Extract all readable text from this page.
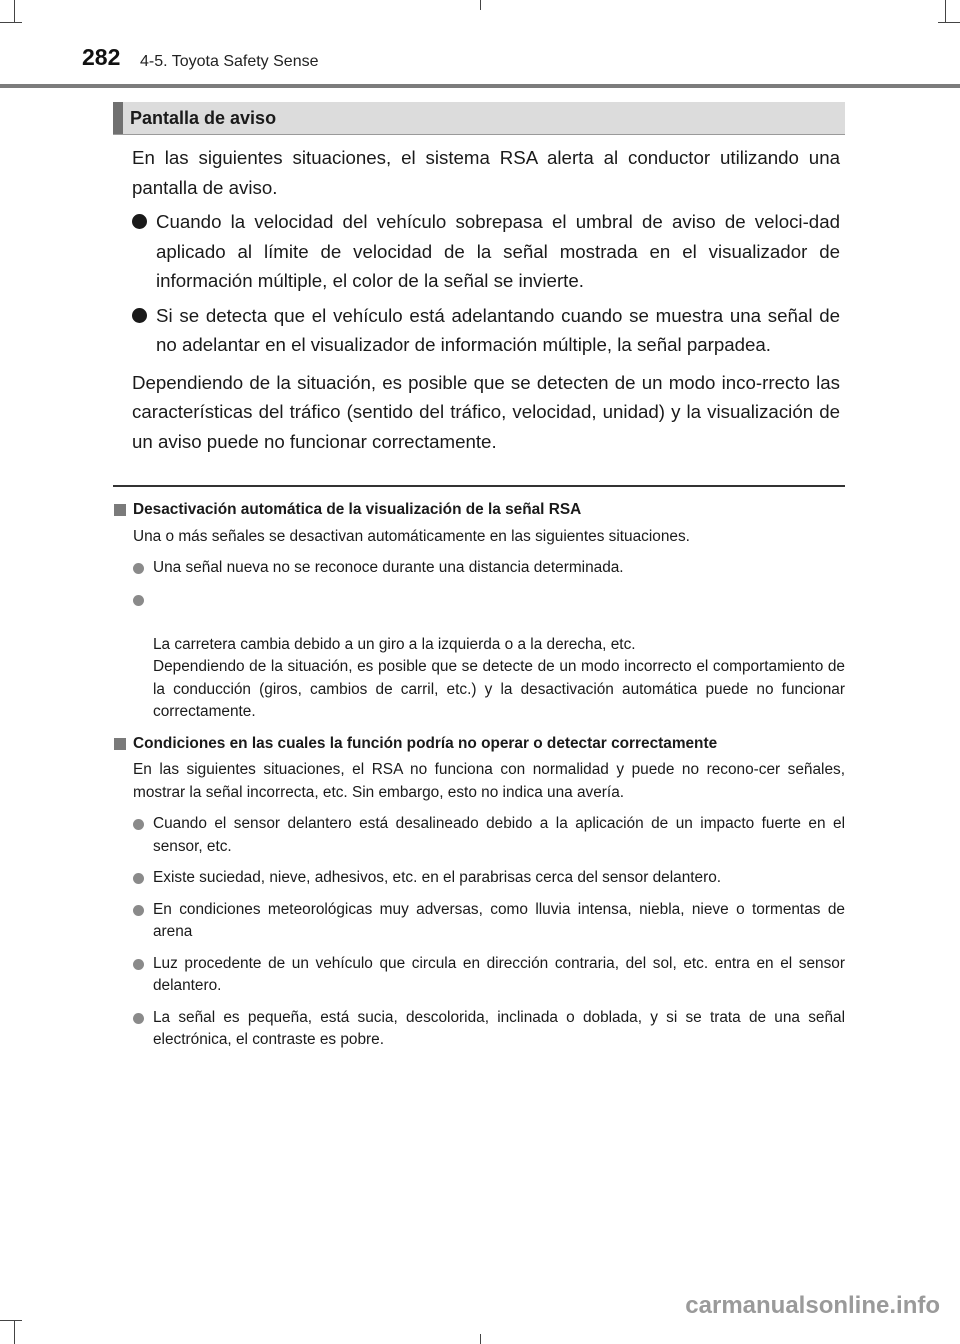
282 4-5. Toyota Safety Sense
Pantalla de aviso

En las siguientes situaciones, el sistema RSA alerta al conductor utilizando una pantalla de aviso.

Cuando la velocidad del vehículo sobrepasa el umbral de aviso de veloci-dad aplicado al límite de velocidad de la señal mostrada en el visualizador de información múltiple, el color de la señal se invierte.
Si se detecta que el vehículo está adelantando cuando se muestra una señal de no adelantar en el visualizador de información múltiple, la señal parpadea.

Dependiendo de la situación, es posible que se detecten de un modo inco-rrecto las características del tráfico (sentido del tráfico, velocidad, unidad) y la visualización de un aviso puede no funcionar correctamente.

Desactivación automática de la visualización de la señal RSA
Una o más señales se desactivan automáticamente en las siguientes situaciones.
Una señal nueva no se reconoce durante una distancia determinada.

La carretera cambia debido a un giro a la izquierda o a la derecha, etc.
Dependiendo de la situación, es posible que se detecte de un modo incorrecto el comportamiento de la conducción (giros, cambios de carril, etc.) y la desactivación automática puede no funcionar correctamente.

Condiciones en las cuales la función podría no operar o detectar correctamente
En las siguientes situaciones, el RSA no funciona con normalidad y puede no recono-cer señales, mostrar la señal incorrecta, etc. Sin embargo, esto no indica una avería.
Cuando el sensor delantero está desalineado debido a la aplicación de un impacto fuerte en el sensor, etc.
Existe suciedad, nieve, adhesivos, etc. en el parabrisas cerca del sensor delantero.
En condiciones meteorológicas muy adversas, como lluvia intensa, niebla, nieve o tormentas de arena
Luz procedente de un vehículo que circula en dirección contraria, del sol, etc. entra en el sensor delantero.
La señal es pequeña, está sucia, descolorida, inclinada o doblada, y si se trata de una señal electrónica, el contraste es pobre.
carmanualsonline.info
